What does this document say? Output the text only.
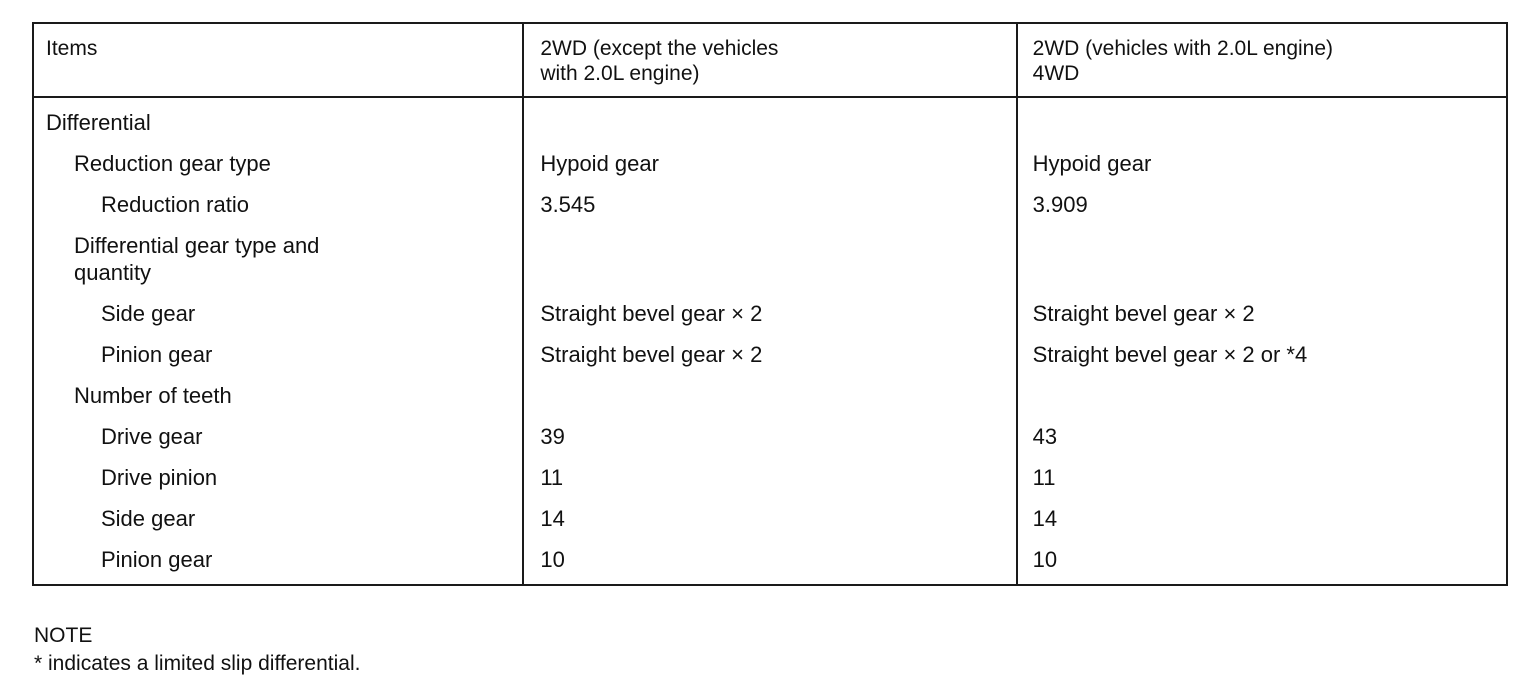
Items	2WD (except the vehicles
with 2.0L engine)
2WD (vehicles with 2.0L engine)
4WD
Differential
Reduction gear type
Reduction ratio
Differential gear type and
quantity
Side gear
Pinion gear
Number of teeth
Drive gear
Drive pinion
Side gear
Pinion gear
Hypoid gear
3.545
Straight bevel gear × 2
Straight bevel gear × 2
39
11
14
10
Hypoid gear
3.909
Straight bevel gear × 2
Straight bevel gear × 2 or *4
43
11
14
10
NOTE
* indicates a limited slip differential.
